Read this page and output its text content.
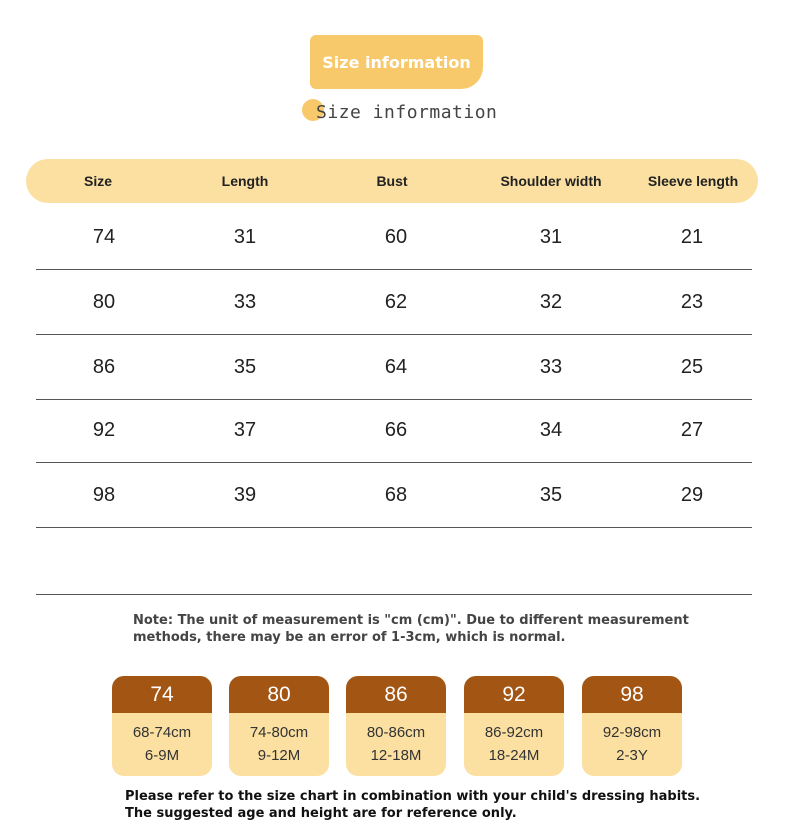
Size information
Size information
Size	Length	Bust	Shoulder width	Sleeve length
74	31	60	31	21
80	33	62	32	23
86	35	64	33	25
92	37	66	34	27
98	39	68	35	29
Note: The unit of measurement is "cm (cm)". Due to different measurement
methods, there may be an error of 1-3cm, which is normal.
74
68-74cm
6-9M
80
74-80cm
9-12M
86
80-86cm
12-18M
92
86-92cm
18-24M
98
92-98cm
2-3Y
Please refer to the size chart in combination with your child's dressing habits.
The suggested age and height are for reference only.
